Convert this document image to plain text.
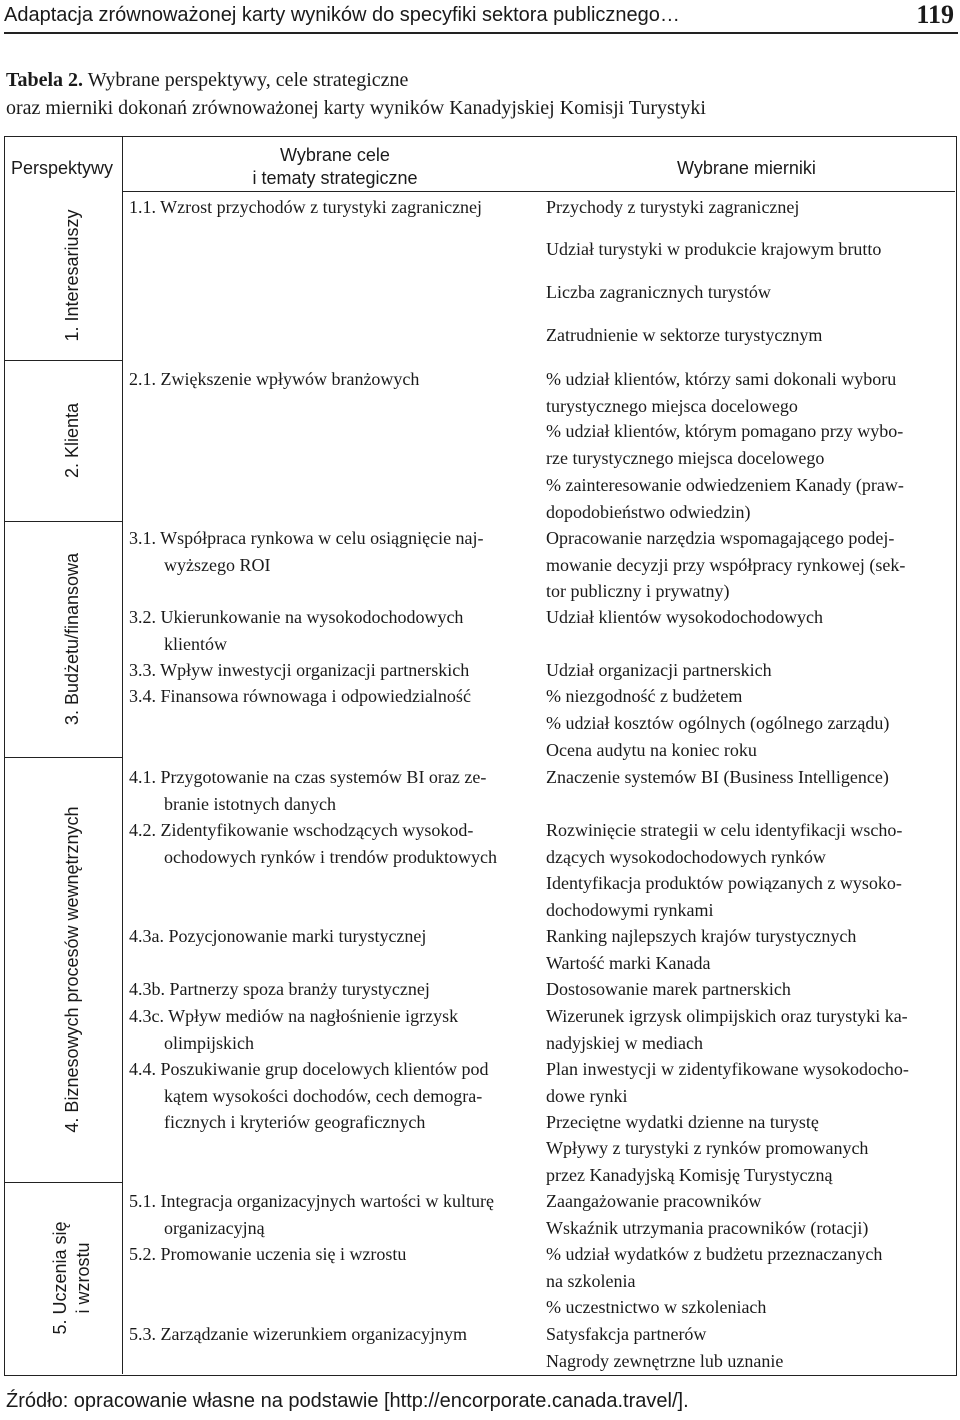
Adaptacja zrównoważonej karty wyników do specyfiki sektora publicznego…	119
Tabela 2. Wybrane perspektywy, cele strategiczne
oraz mierniki dokonań zrównoważonej karty wyników Kanadyjskiej Komisji Turystyki
Perspektywy
Wybrane cele
i tematy strategiczne	Wybrane mierniki
1. Interesariuszy
2. Klienta
3. Budżetu/finansowa
4. Biznesowych procesów wewnętrznych
5. Uczenia się i wzrostu
1.1. Wzrost przychodów z turystyki zagranicznej
2.1. Zwiększenie wpływów branżowych
3.1. Współpraca rynkowa w celu osiągnięcie naj-
wyższego ROI
3.2. Ukierunkowanie na wysokodochodowych
klientów
3.3. Wpływ inwestycji organizacji partnerskich
3.4. Finansowa równowaga i odpowiedzialność
4.1. Przygotowanie na czas systemów BI oraz ze-
branie istotnych danych
4.2. Zidentyfikowanie wschodzących wysokod-
ochodowych rynków i trendów produktowych
4.3a. Pozycjonowanie marki turystycznej
4.3b. Partnerzy spoza branży turystycznej
4.3c. Wpływ mediów na nagłośnienie igrzysk
olimpijskich
4.4. Poszukiwanie grup docelowych klientów pod
kątem wysokości dochodów, cech demogra-
ficznych i kryteriów geograficznych
5.1. Integracja organizacyjnych wartości w kulturę
organizacyjną
5.2. Promowanie uczenia się i wzrostu
5.3. Zarządzanie wizerunkiem organizacyjnym
Przychody z turystyki zagranicznej
Udział turystyki w produkcie krajowym brutto
Liczba zagranicznych turystów
Zatrudnienie w sektorze turystycznym
% udział klientów, którzy sami dokonali wyboru
turystycznego miejsca docelowego
% udział klientów, którym pomagano przy wybo-
rze turystycznego miejsca docelowego
% zainteresowanie odwiedzeniem Kanady (praw-
dopodobieństwo odwiedzin)
Opracowanie narzędzia wspomagającego podej-
mowanie decyzji przy współpracy rynkowej (sek-
tor publiczny i prywatny)
Udział klientów wysokodochodowych
Udział organizacji partnerskich
% niezgodność z budżetem
% udział kosztów ogólnych (ogólnego zarządu)
Ocena audytu na koniec roku
Znaczenie systemów BI (Business Intelligence)
Rozwinięcie strategii w celu identyfikacji wscho-
dzących wysokodochodowych rynków
Identyfikacja produktów powiązanych z wysoko-
dochodowymi rynkami
Ranking najlepszych krajów turystycznych
Wartość marki Kanada
Dostosowanie marek partnerskich
Wizerunek igrzysk olimpijskich oraz turystyki ka-
nadyjskiej w mediach
Plan inwestycji w zidentyfikowane wysokodocho-
dowe rynki
Przeciętne wydatki dzienne na turystę
Wpływy z turystyki z rynków promowanych
przez Kanadyjską Komisję Turystyczną
Zaangażowanie pracowników
Wskaźnik utrzymania pracowników (rotacji)
% udział wydatków z budżetu przeznaczanych
na szkolenia
% uczestnictwo w szkoleniach
Satysfakcja partnerów
Nagrody zewnętrzne lub uznanie
Źródło: opracowanie własne na podstawie [http://encorporate.canada.travel/].
